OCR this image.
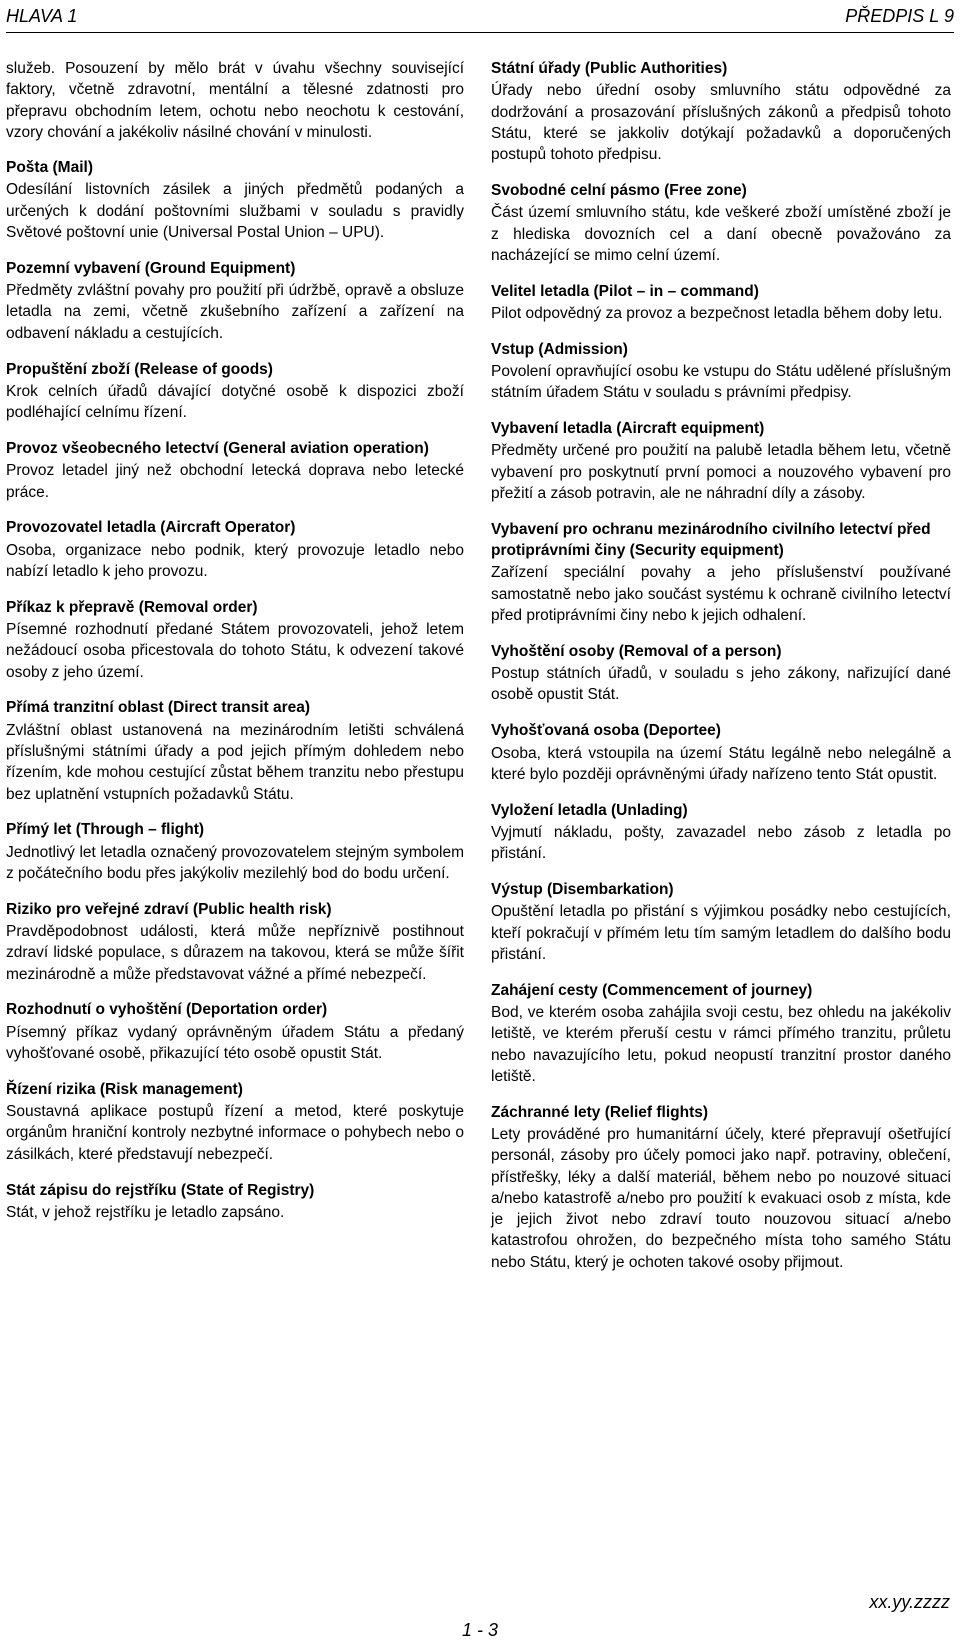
HLAVA 1	PŘEDPIS L 9

služeb. Posouzení by mělo brát v úvahu všechny související faktory, včetně zdravotní, mentální a tělesné zdatnosti pro přepravu obchodním letem, ochotu nebo neochotu k cestování, vzory chování a jakékoliv násilné chování v minulosti.

Pošta (Mail)

Odesílání listovních zásilek a jiných předmětů podaných a určených k dodání poštovními službami v souladu s pravidly Světové poštovní unie (Universal Postal Union – UPU).

Pozemní vybavení (Ground Equipment)

Předměty zvláštní povahy pro použití při údržbě, opravě a obsluze letadla na zemi, včetně zkušebního zařízení a zařízení na odbavení nákladu a cestujících.

Propuštění zboží (Release of goods)

Krok celních úřadů dávající dotyčné osobě k dispozici zboží podléhající celnímu řízení.

Provoz všeobecného letectví (General aviation operation)

Provoz letadel jiný než obchodní letecká doprava nebo letecké práce.

Provozovatel letadla (Aircraft Operator)

Osoba, organizace nebo podnik, který provozuje letadlo nebo nabízí letadlo k jeho provozu.

Příkaz k přepravě (Removal order)

Písemné rozhodnutí předané Státem provozovateli, jehož letem nežádoucí osoba přicestovala do tohoto Státu, k odvezení takové osoby z jeho území.

Přímá tranzitní oblast (Direct transit area)

Zvláštní oblast ustanovená na mezinárodním letišti schválená příslušnými státními úřady a pod jejich přímým dohledem nebo řízením, kde mohou cestující zůstat během tranzitu nebo přestupu bez uplatnění vstupních požadavků Státu.

Přímý let (Through – flight)

Jednotlivý let letadla označený provozovatelem stejným symbolem z počátečního bodu přes jakýkoliv mezilehlý bod do bodu určení.

Riziko pro veřejné zdraví (Public health risk)

Pravděpodobnost události, která může nepříznivě postihnout zdraví lidské populace, s důrazem na takovou, která se může šířit mezinárodně a může představovat vážné a přímé nebezpečí.

Rozhodnutí o vyhoštění (Deportation order)

Písemný příkaz vydaný oprávněným úřadem Státu a předaný vyhošťované osobě, přikazující této osobě opustit Stát.

Řízení rizika (Risk management)

Soustavná aplikace postupů řízení a metod, které poskytuje orgánům hraniční kontroly nezbytné informace o pohybech nebo o zásilkách, které představují nebezpečí.

Stát zápisu do rejstříku (State of Registry)

Stát, v jehož rejstříku je letadlo zapsáno.

Státní úřady (Public Authorities)

Úřady nebo úřední osoby smluvního státu odpovědné za dodržování a prosazování příslušných zákonů a předpisů tohoto Státu, které se jakkoliv dotýkají požadavků a doporučených postupů tohoto předpisu.

Svobodné celní pásmo (Free zone)

Část území smluvního státu, kde veškeré zboží umístěné zboží je z hlediska dovozních cel a daní obecně považováno za nacházející se mimo celní území.

Velitel letadla (Pilot – in – command)

Pilot odpovědný za provoz a bezpečnost letadla během doby letu.

Vstup (Admission)

Povolení opravňující osobu ke vstupu do Státu udělené příslušným státním úřadem Státu v souladu s právními předpisy.

Vybavení letadla (Aircraft equipment)

Předměty určené pro použití na palubě letadla během letu, včetně vybavení pro poskytnutí první pomoci a nouzového vybavení pro přežití a zásob potravin, ale ne náhradní díly a zásoby.

Vybavení pro ochranu mezinárodního civilního letectví před protiprávními činy (Security equipment)

Zařízení speciální povahy a jeho příslušenství používané samostatně nebo jako součást systému k ochraně civilního letectví před protiprávními činy nebo k jejich odhalení.

Vyhoštění osoby (Removal of a person)

Postup státních úřadů, v souladu s jeho zákony, nařizující dané osobě opustit Stát.

Vyhošťovaná osoba (Deportee)

Osoba, která vstoupila na území Státu legálně nebo nelegálně a které bylo později oprávněnými úřady nařízeno tento Stát opustit.

Vyložení letadla (Unlading)

Vyjmutí nákladu, pošty, zavazadel nebo zásob z letadla po přistání.

Výstup (Disembarkation)

Opuštění letadla po přistání s výjimkou posádky nebo cestujících, kteří pokračují v přímém letu tím samým letadlem do dalšího bodu přistání.

Zahájení cesty (Commencement of journey)

Bod, ve kterém osoba zahájila svoji cestu, bez ohledu na jakékoliv letiště, ve kterém přeruší cestu v rámci přímého tranzitu, průletu nebo navazujícího letu, pokud neopustí tranzitní prostor daného letiště.

Záchranné lety (Relief flights)

Lety prováděné pro humanitární účely, které přepravují ošetřující personál, zásoby pro účely pomoci jako např. potraviny, oblečení, přístřešky, léky a další materiál, během nebo po nouzové situaci a/nebo katastrofě a/nebo pro použití k evakuaci osob z místa, kde je jejich život nebo zdraví touto nouzovou situací a/nebo katastrofou ohrožen, do bezpečného místa toho samého Státu nebo Státu, který je ochoten takové osoby přijmout.

xx.yy.zzzz
1 - 3
